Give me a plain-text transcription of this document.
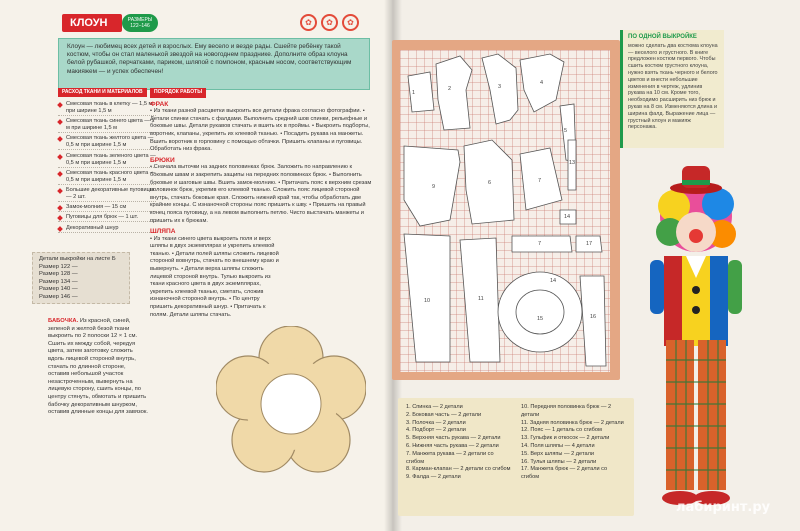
КЛОУН	РАЗМЕРЫ
122–146	✿	✿	✿
Клоун — любимец всех детей и взрослых. Ему весело и везде рады. Сшейте ребёнку такой костюм, чтобы он стал маленькой звездой на новогоднем празднике. Дополните образ клоуна белой рубашкой, перчатками, париком, шляпой с помпоном, красным носом, соответствующим макияжем — и успех обеспечен!
РАСХОД ТКАНИ И МАТЕРИАЛОВ
Смесовая ткань в клетку — 1,5 м при ширине 1,5 м
Смесовая ткань синего цвета — 1 м при ширине 1,5 м
Смесовая ткань желтого цвета — 0,5 м при ширине 1,5 м
Смесовая ткань зеленого цвета — 0,5 м при ширине 1,5 м
Смесовая ткань красного цвета — 0,5 м при ширине 1,5 м
Большие декоративные пуговицы — 2 шт.
Замок-молния — 15 см
Пуговицы для брюк — 1 шт.
Декоративный шнур
ПОРЯДОК РАБОТЫ
ФРАК

• Из ткани разной расцветки выкроить все детали фрака согласно фотографии. • Детали спинки стачать с фалдами. Выполнить средний шов спинки, рельефные и боковые швы. Детали рукавов стачать и вшить их в проймы. • Выкроить подборты, воротник, клапаны, укрепить их клеевой тканью. • Посадить рукава на манжеты. Вшить воротник в горловину с помощью обтачки. Пришить клапаны и пуговицы. Обработать низ фрака.

БРЮКИ

• Сначала выточки на задних половинках брюк. Заложить по направлению к боковым швам и закрепить защипы на передних половинках брюк. • Выполнить боковые и шаговые швы. Вшить замок-молнию. • Притачать пояс к верхним срезам половинок брюк, укрепив его клеевой тканью. Сложить пояс лицевой стороной внутрь, стачать боковые края. Сложить нижний край так, чтобы обработать две крайние концы. С изнаночной стороны пояс пришить к шву. • Пришить на правый конец пояса пуговицу, а на левом выполнить петлю. Чисто выстачать манжеты и пришить их к брюкам.

ШЛЯПА

• Из ткани синего цвета выкроить поля и верх шляпы в двух экземплярах и укрепить клеевой тканью. • Детали полей шляпы сложить лицевой стороной вовнутрь, стачать по внешнему краю и вывернуть. • Детали верха шляпы сложить лицевой стороной внутрь. Тулью выкроить из ткани красного цвета в двух экземплярах, укрепить клеевой тканью, сметать, сложив изнаночной стороной внутрь. • По центру пришить декоративный шнур. • Притачать к полям. Детали шляпы стачать.

Детали выкройки на листе Б
Размер 122 —
Размер 128 —
Размер 134 —
Размер 140 —
Размер 146 —
БАБОЧКА. Из красной, синей, зеленой и желтой безой ткани выкроить по 2 полоски 12 × 1 см. Сшить их между собой, чередуя цвета, затем заготовку сложить вдоль лицевой стороной внутрь, стачать по длинной стороне, оставив небольшой участок незастроченным, вывернуть на лицевую сторону, сшить концы, по центру стянуть, обмотать и пришить бабочку декоративным шнурком, оставив длинные концы для завязок.
1
2	3
4
5
9
6	7
13
10	11
7	17
16
14
14
15
ПО ОДНОЙ ВЫКРОЙКЕ
можно сделать два костюма клоуна — веселого и грустного. В книге предложен костюм первого. Чтобы сшить костюм грустного клоуна, нужно взять ткань черного и белого цветов и внести небольшие изменения в чертеж, удлинив рукава на 10 см. Кроме того, необходимо расширить низ брюк и рукав на 8 см. Изменяются длина и ширина фалд. Выражение лица — грустный клоун и макияж персонажа.
1. Спинка — 2 детали
2. Боковая часть — 2 детали
3. Полочка — 2 детали
4. Подборт — 2 детали
5. Верхняя часть рукава — 2 детали
6. Нижняя часть рукава — 2 детали
7. Манжета рукава — 2 детали со сгибом
8. Карман-клапан — 2 детали со сгибом
9. Фалда — 2 детали
10. Передняя половинка брюк — 2 детали
11. Задняя половинка брюк — 2 детали
12. Пояс — 1 деталь со сгибом
13. Гульфик и откосок — 2 детали
14. Поля шляпы — 4 детали
15. Верх шляпы — 2 детали
16. Тулья шляпы — 2 детали
17. Манжета брюк — 2 детали со сгибом
лабиринт.ру
